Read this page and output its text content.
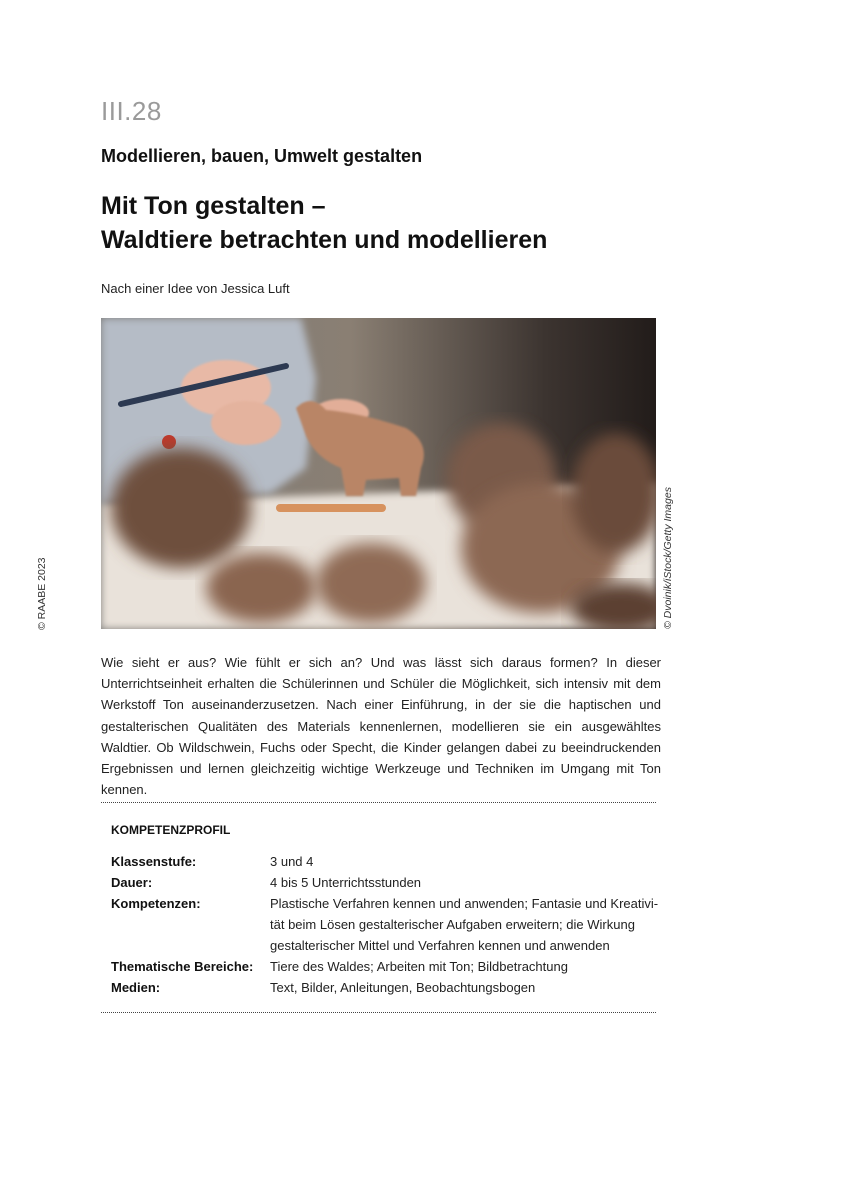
III.28
Modellieren, bauen, Umwelt gestalten
Mit Ton gestalten –
Waldtiere betrachten und modellieren
Nach einer Idee von Jessica Luft
© Dvoinik/iStock/Getty Images
© RAABE 2023
Wie sieht er aus? Wie fühlt er sich an? Und was lässt sich daraus formen? In dieser Unterrichtseinheit erhalten die Schülerinnen und Schüler die Möglichkeit, sich intensiv mit dem Werkstoff Ton auseinanderzusetzen. Nach einer Einführung, in der sie die haptischen und gestalterischen Qualitäten des Materials kennenlernen, modellieren sie ein ausgewähltes Waldtier. Ob Wildschwein, Fuchs oder Specht, die Kinder gelangen dabei zu beeindruckenden Ergebnissen und lernen gleichzeitig wichtige Werkzeuge und Techniken im Umgang mit Ton kennen.
KOMPETENZPROFIL
Klassenstufe:	3 und 4
Dauer:	4 bis 5 Unterrichtsstunden
Kompetenzen:	Plastische Verfahren kennen und anwenden; Fantasie und Kreativi-
tät beim Lösen gestalterischer Aufgaben erweitern; die Wirkung
gestalterischer Mittel und Verfahren kennen und anwenden
Thematische Bereiche:	Tiere des Waldes; Arbeiten mit Ton; Bildbetrachtung
Medien:	Text, Bilder, Anleitungen, Beobachtungsbogen
